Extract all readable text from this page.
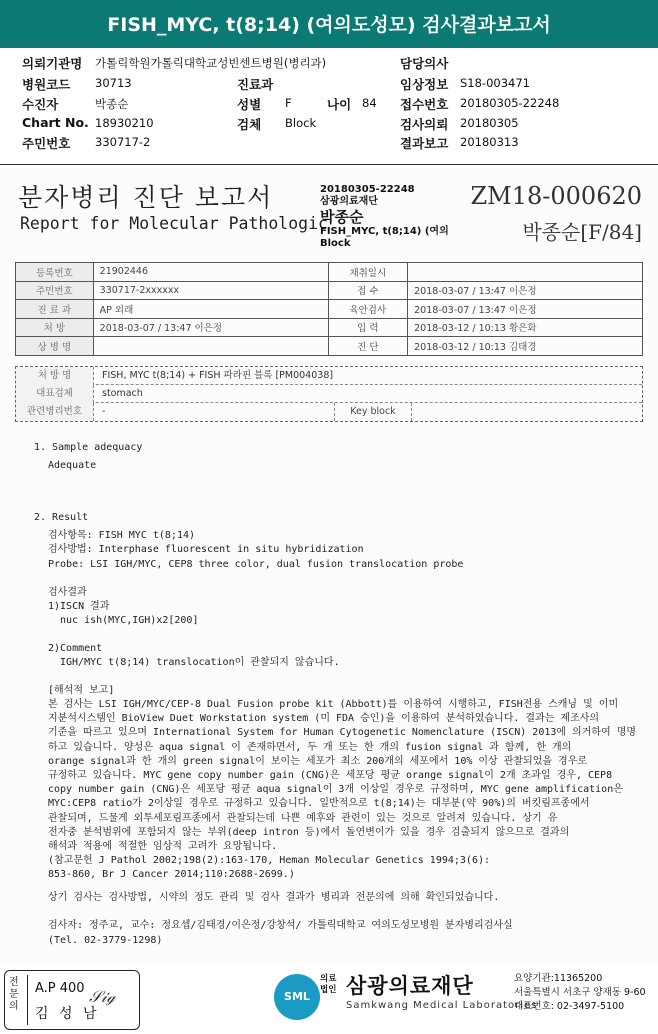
FISH_MYC, t(8;14) (여의도성모) 검사결과보고서
의뢰기관명 가톨릭학원가톨릭대학교성빈센트병원(병리과)	담당의사
병원코드 30713	진료과	임상정보 S18-003471
수진자	박종순	성별 F	나이 84 접수번호 20180305-22248
Chart No. 18930210	검체 Block	검사의뢰 20180305
주민번호 330717-2	결과보고 20180313
분자병리 진단 보고서
Report for Molecular Pathologic
20180305-22248
삼광의료재단
박종순
FISH_MYC, t(8;14) (여의
Block
ZM18-000620
박종순[F/84]
등록번호	21902446	채취일시	
주민번호	330717-2xxxxxx	접 수	2018-03-07 / 13:47 이은정
진 료 과	AP 외래	육안검사	2018-03-07 / 13:47 이은정
처 방	2018-03-07 / 13:47 이은정	입 력	2018-03-12 / 10:13 황은화
상 병 명		진 단	2018-03-12 / 10:13 김태경
처 방 명	FISH, MYC t(8;14) + FISH 파라핀 블록 [PM004038]
대표검체	stomach
관련병리번호	-	Key block
1. Sample adequacy
Adequate
2. Result
검사항목: FISH MYC t(8;14)
검사방법: Interphase fluorescent in situ hybridization
Probe: LSI IGH/MYC, CEP8 three color, dual fusion translocation probe
검사결과
1)ISCN 결과
nuc ish(MYC,IGH)x2[200]
2)Comment
IGH/MYC t(8;14) translocation이 관찰되지 않습니다.
[해석적 보고]
본 검사는 LSI IGH/MYC/CEP-8 Dual Fusion probe kit (Abbott)를 이용하여 시행하고, FISH전용 스캐닝 및 이미
지분석시스템인 BioView Duet Workstation system (미 FDA 승인)을 이용하여 분석하였습니다. 결과는 제조사의
기준을 따르고 있으며 International System for Human Cytogenetic Nomenclature (ISCN) 2013에 의거하여 명명
하고 있습니다. 양성은 aqua signal 이 존재하면서, 두 개 또는 한 개의 fusion signal 과 함께, 한 개의
orange signal과 한 개의 green signal이 보이는 세포가 최소 200개의 세포에서 10% 이상 관찰되었을 경우로
규정하고 있습니다. MYC gene copy number gain (CNG)은 세포당 평균 orange signal이 2개 초과일 경우, CEP8
copy number gain (CNG)은 세포당 평균 aqua signal이 3개 이상일 경우로 규정하며, MYC gene amplification은
MYC:CEP8 ratio가 2이상일 경우로 규정하고 있습니다. 일반적으로 t(8;14)는 대부분(약 90%)의 버킷림프종에서
관찰되며, 드물게 외투세포림프종에서 관찰되는데 나쁜 예후와 관련이 있는 것으로 알려져 있습니다. 상기 유
전자중 분석범위에 포함되지 않는 부위(deep intron 등)에서 돌연변이가 있을 경우 검출되지 않으므로 결과의
해석과 적용에 적절한 임상적 고려가 요망됩니다.
(참고문헌 J Pathol 2002;198(2):163-170, Heman Molecular Genetics 1994;3(6):
853-860, Br J Cancer 2014;110:2688-2699.)
상기 검사는 검사방법, 시약의 정도 관리 및 검사 결과가 병리과 전문의에 의해 확인되었습니다.
검사자: 정주교, 교수: 정요셉/김태경/이은정/강창석/ 가톨릭대학교 여의도성모병원 분자병리검사실
(Tel. 02-3779-1298)
전문의
A.P 400
김 성 남
𝒮𝒾ℊ	SML
의료법인 삼광의료재단
Samkwang Medical Laboratories
요양기관:11365200
서울특별시 서초구 양재동 9-60
대표번호: 02-3497-5100
